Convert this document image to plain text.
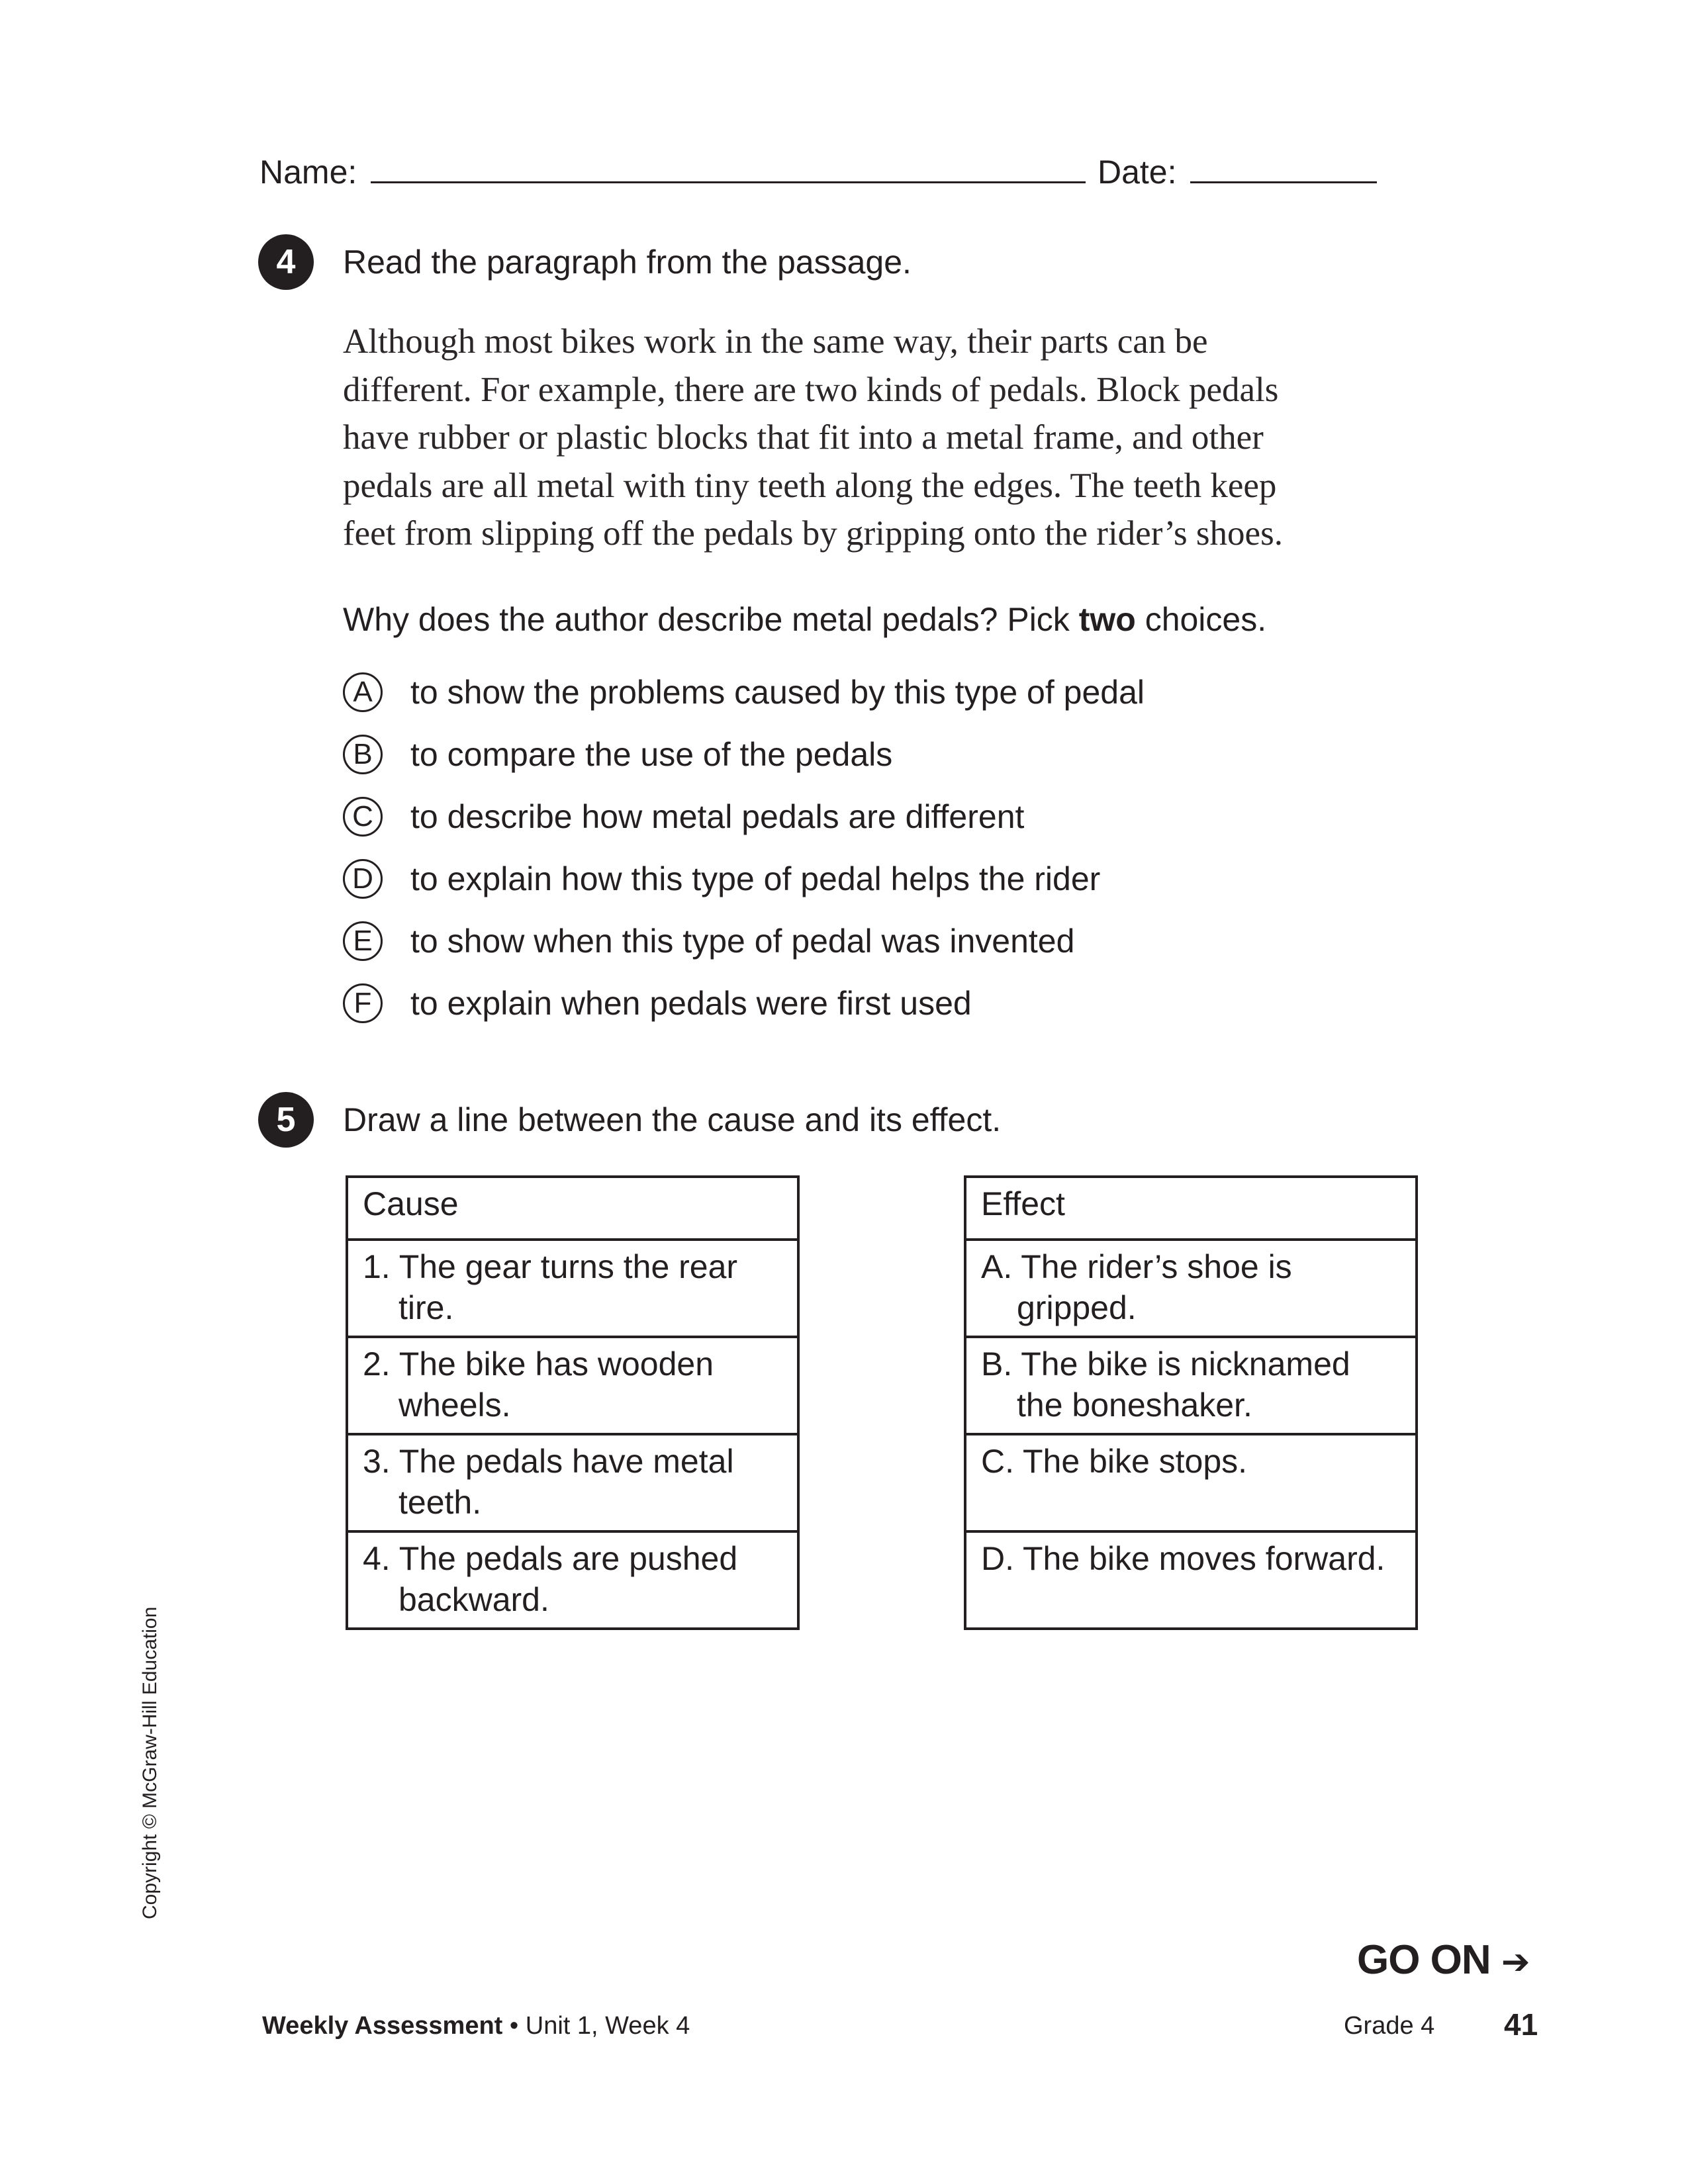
Name:	Date:
4	Read the paragraph from the passage.
Although most bikes work in the same way, their parts can be
different. For example, there are two kinds of pedals. Block pedals
have rubber or plastic blocks that fit into a metal frame, and other
pedals are all metal with tiny teeth along the edges. The teeth keep
feet from slipping off the pedals by gripping onto the rider’s shoes.
Why does the author describe metal pedals? Pick two choices.
A	to show the problems caused by this type of pedal
B	to compare the use of the pedals
C to describe how metal pedals are different
D to explain how this type of pedal helps the rider
E	to show when this type of pedal was invented
F	to explain when pedals were first used
5	Draw a line between the cause and its effect.
Cause

1. The gear turns the rear tire.

2. The bike has wooden wheels.

3. The pedals have metal teeth.

4. The pedals are pushed backward.
Effect

A. The rider’s shoe is gripped.

B. The bike is nicknamed the boneshaker.

C. The bike stops.

D. The bike moves forward.
Copyright © McGraw-Hill Education
GO ON ➔
Weekly Assessment • Unit 1, Week 4	Grade 4 41
